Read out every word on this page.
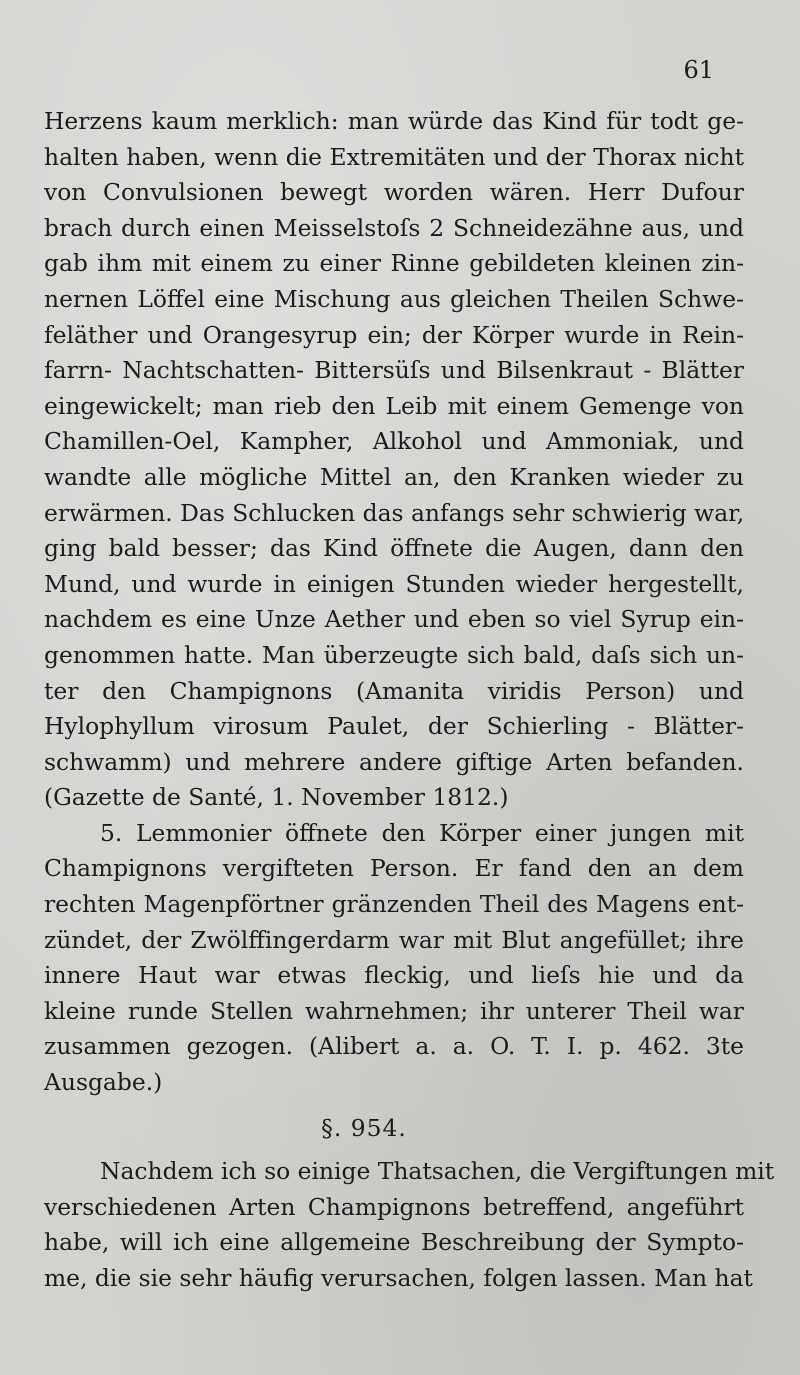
61
Herzens kaum merklich: man würde das Kind für todt ge-
halten haben, wenn die Extremitäten und der Thorax nicht
von Convulsionen bewegt worden wären. Herr Dufour
brach durch einen Meisselstoſs 2 Schneidezähne aus, und
gab ihm mit einem zu einer Rinne gebildeten kleinen zin-
nernen Löffel eine Mischung aus gleichen Theilen Schwe-
feläther und Orangesyrup ein; der Körper wurde in Rein-
farrn- Nachtschatten- Bittersüſs und Bilsenkraut - Blätter
eingewickelt; man rieb den Leib mit einem Gemenge von
Chamillen-Oel, Kampher, Alkohol und Ammoniak, und
wandte alle mögliche Mittel an, den Kranken wieder zu
erwärmen. Das Schlucken das anfangs sehr schwierig war,
ging bald besser; das Kind öffnete die Augen, dann den
Mund, und wurde in einigen Stunden wieder hergestellt,
nachdem es eine Unze Aether und eben so viel Syrup ein-
genommen hatte. Man überzeugte sich bald, daſs sich un-
ter den Champignons (Amanita viridis Person) und
Hylophyllum virosum Paulet, der Schierling - Blätter-
schwamm) und mehrere andere giftige Arten befanden.
(Gazette de Santé, 1. November 1812.)
5. Lemmonier öffnete den Körper einer jungen mit
Champignons vergifteten Person. Er fand den an dem
rechten Magenpförtner gränzenden Theil des Magens ent-
zündet, der Zwölffingerdarm war mit Blut angefüllet; ihre
innere Haut war etwas fleckig, und lieſs hie und da
kleine runde Stellen wahrnehmen; ihr unterer Theil war
zusammen gezogen. (Alibert a. a. O. T. I. p. 462. 3te
Ausgabe.)
§. 954.
Nachdem ich so einige Thatsachen, die Vergiftungen mit
verschiedenen Arten Champignons betreffend, angeführt
habe, will ich eine allgemeine Beschreibung der Sympto-
me, die sie sehr häufig verursachen, folgen lassen. Man hat
